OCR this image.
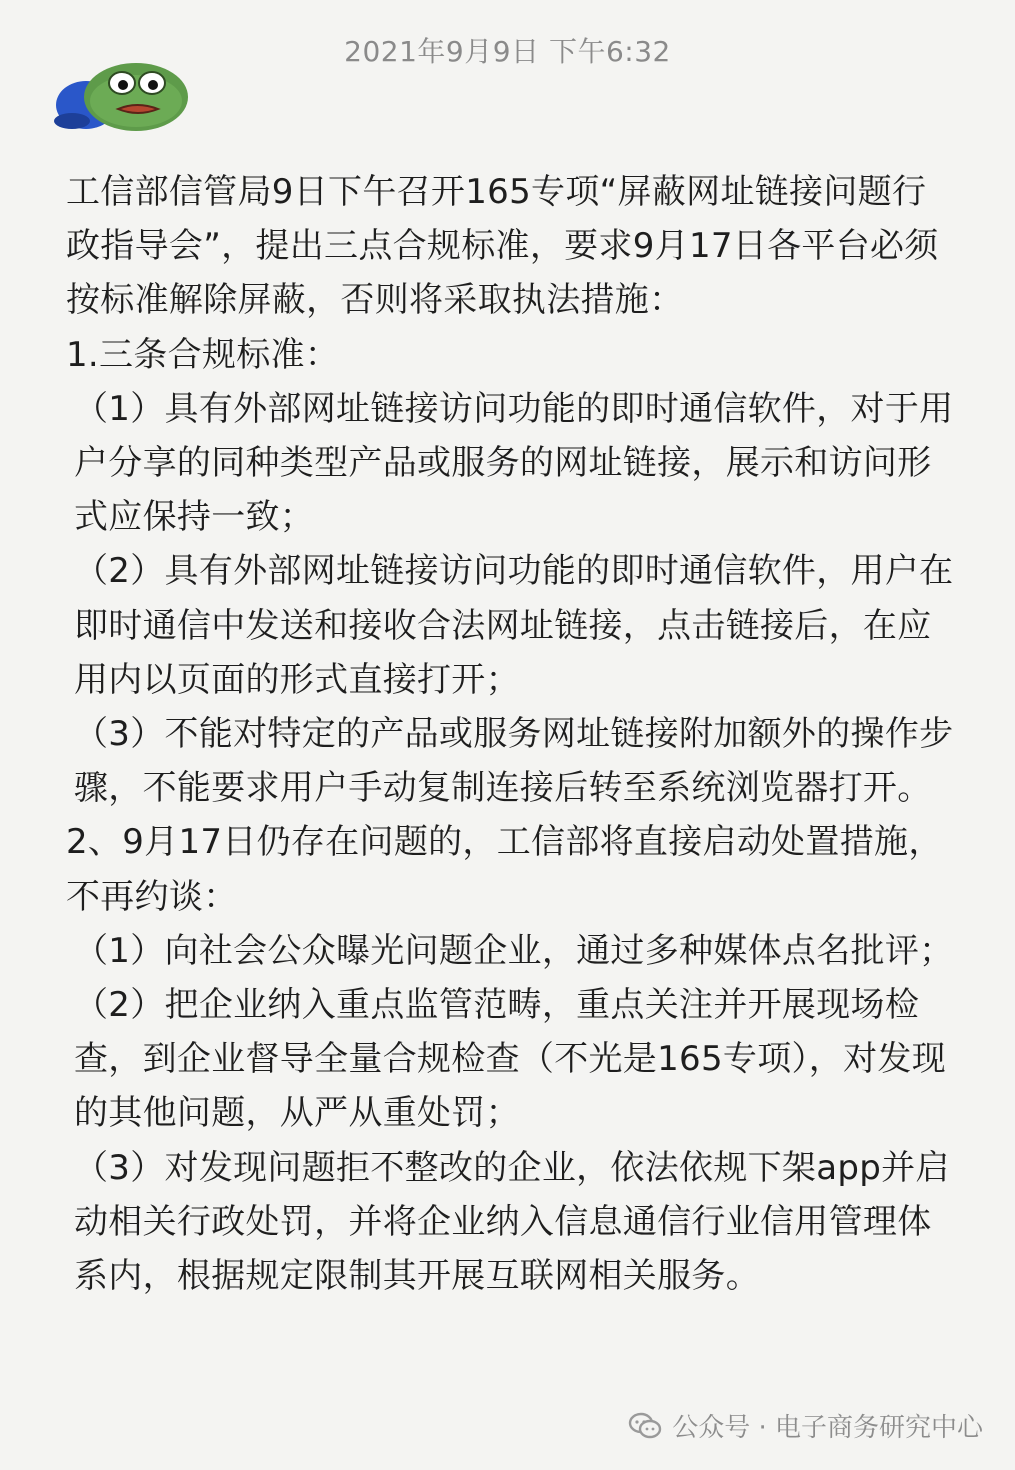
2021年9月9日 下午6:32

工信部信管局9日下午召开165专项“屏蔽网址链接问题行政指导会”，提出三点合规标准，要求9月17日各平台必须按标准解除屏蔽，否则将采取执法措施：

1.三条合规标准：

（1）具有外部网址链接访问功能的即时通信软件，对于用户分享的同种类型产品或服务的网址链接，展示和访问形式应保持一致；

（2）具有外部网址链接访问功能的即时通信软件，用户在即时通信中发送和接收合法网址链接，点击链接后，在应用内以页面的形式直接打开；

（3）不能对特定的产品或服务网址链接附加额外的操作步骤，不能要求用户手动复制连接后转至系统浏览器打开。

2、9月17日仍存在问题的，工信部将直接启动处置措施，不再约谈：

（1）向社会公众曝光问题企业，通过多种媒体点名批评；

（2）把企业纳入重点监管范畴，重点关注并开展现场检查，到企业督导全量合规检查（不光是165专项），对发现的其他问题，从严从重处罚；

（3）对发现问题拒不整改的企业，依法依规下架app并启动相关行政处罚，并将企业纳入信息通信行业信用管理体系内，根据规定限制其开展互联网相关服务。

公众号 · 电子商务研究中心
